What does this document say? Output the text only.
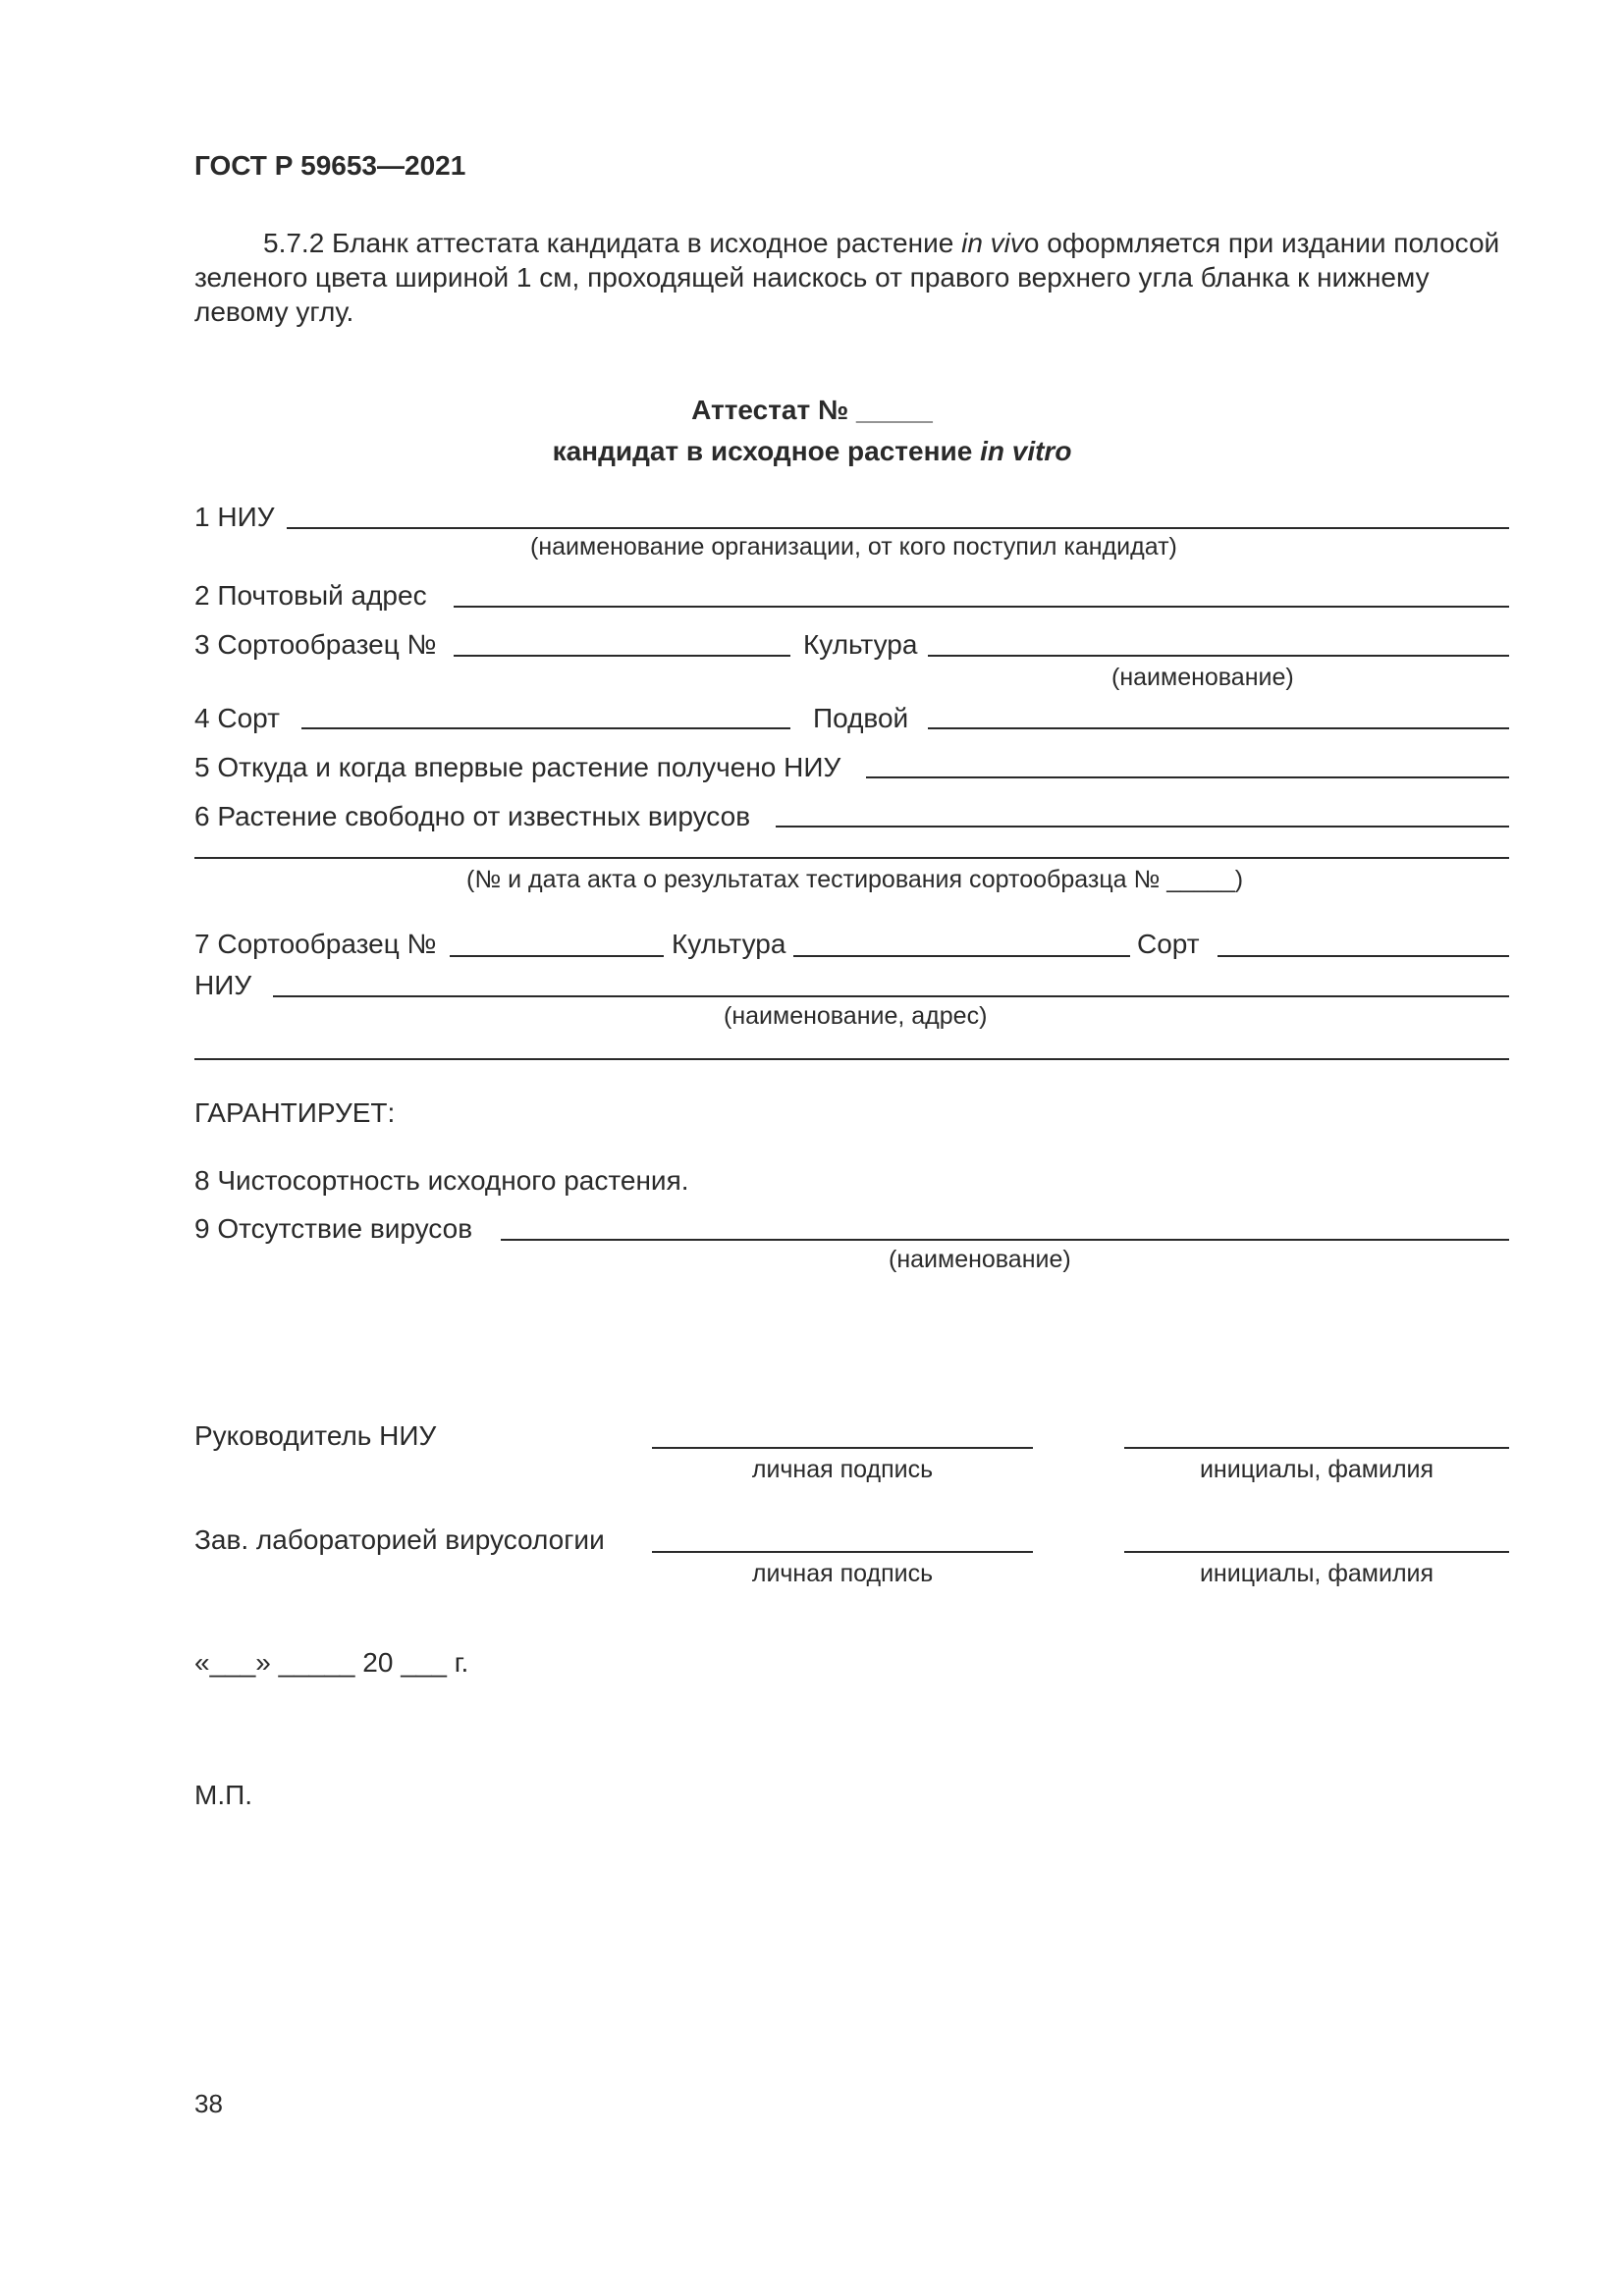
ГОСТ Р 59653—2021
5.7.2 Бланк аттестата кандидата в исходное растение in vivo оформляется при издании полосой зеленого цвета шириной 1 см, проходящей наискось от правого верхнего угла бланка к нижнему левому углу.
Аттестат № _____
кандидат в исходное растение in vitro
1 НИУ
(наименование организации, от кого поступил кандидат)
2 Почтовый адрес
3 Сортообразец №	Культура
(наименование)
4 Сорт	Подвой
5 Откуда и когда впервые растение получено НИУ
6 Растение свободно от известных вирусов
(№ и дата акта о результатах тестирования сортообразца № _____)
7 Сортообразец №	Культура	Сорт
НИУ
(наименование, адрес)
ГАРАНТИРУЕТ:
8 Чистосортность исходного растения.
9 Отсутствие вирусов
(наименование)
Руководитель НИУ
личная подпись	инициалы, фамилия
Зав. лабораторией вирусологии
личная подпись	инициалы, фамилия
«___» _____ 20 ___ г.
М.П.
38
